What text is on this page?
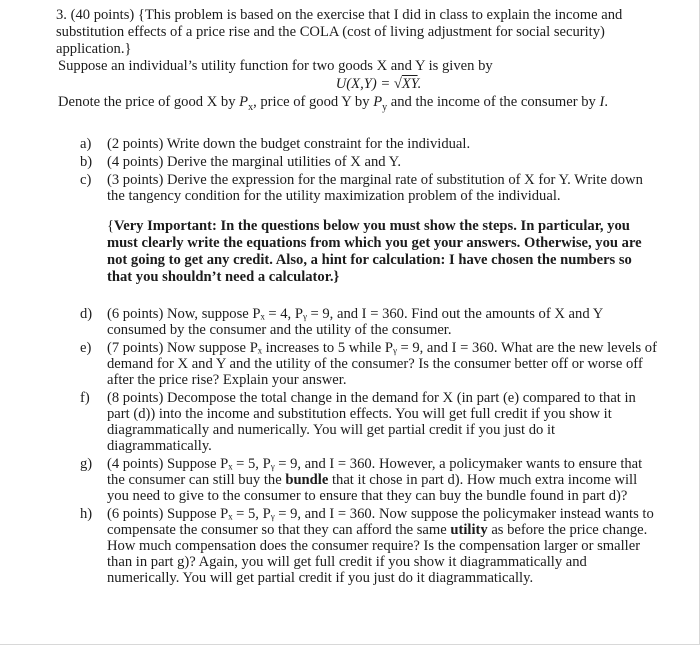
3. (40 points) {This problem is based on the exercise that I did in class to explain the income and substitution effects of a price rise and the COLA (cost of living adjustment for social security) application.}
Suppose an individual’s utility function for two goods X and Y is given by
U(X,Y) = √XY.
Denote the price of good X by $P_x$, price of good Y by $P_y$ and the income of the consumer by I.
a) (2 points) Write down the budget constraint for the individual.
b) (4 points) Derive the marginal utilities of X and Y.
c) (3 points) Derive the expression for the marginal rate of substitution of X for Y. Write down the tangency condition for the utility maximization problem of the individual.
{Very Important: In the questions below you must show the steps. In particular, you must clearly write the equations from which you get your answers. Otherwise, you are not going to get any credit. Also, a hint for calculation: I have chosen the numbers so that you shouldn’t need a calculator.}
d) (6 points) Now, suppose Pₓ = 4, Pᵧ = 9, and I = 360. Find out the amounts of X and Y consumed by the consumer and the utility of the consumer.
e) (7 points) Now suppose Pₓ increases to 5 while Pᵧ = 9, and I = 360. What are the new levels of demand for X and Y and the utility of the consumer? Is the consumer better off or worse off after the price rise? Explain your answer.
f) (8 points) Decompose the total change in the demand for X (in part (e) compared to that in part (d)) into the income and substitution effects. You will get full credit if you show it diagrammatically and numerically. You will get partial credit if you just do it diagrammatically.
g) (4 points) Suppose Pₓ = 5, Pᵧ = 9, and I = 360. However, a policymaker wants to ensure that the consumer can still buy the bundle that it chose in part d). How much extra income will you need to give to the consumer to ensure that they can buy the bundle found in part d)?
h) (6 points) Suppose Pₓ = 5, Pᵧ = 9, and I = 360. Now suppose the policymaker instead wants to compensate the consumer so that they can afford the same utility as before the price change. How much compensation does the consumer require? Is the compensation larger or smaller than in part g)? Again, you will get full credit if you show it diagrammatically and numerically. You will get partial credit if you just do it diagrammatically.
